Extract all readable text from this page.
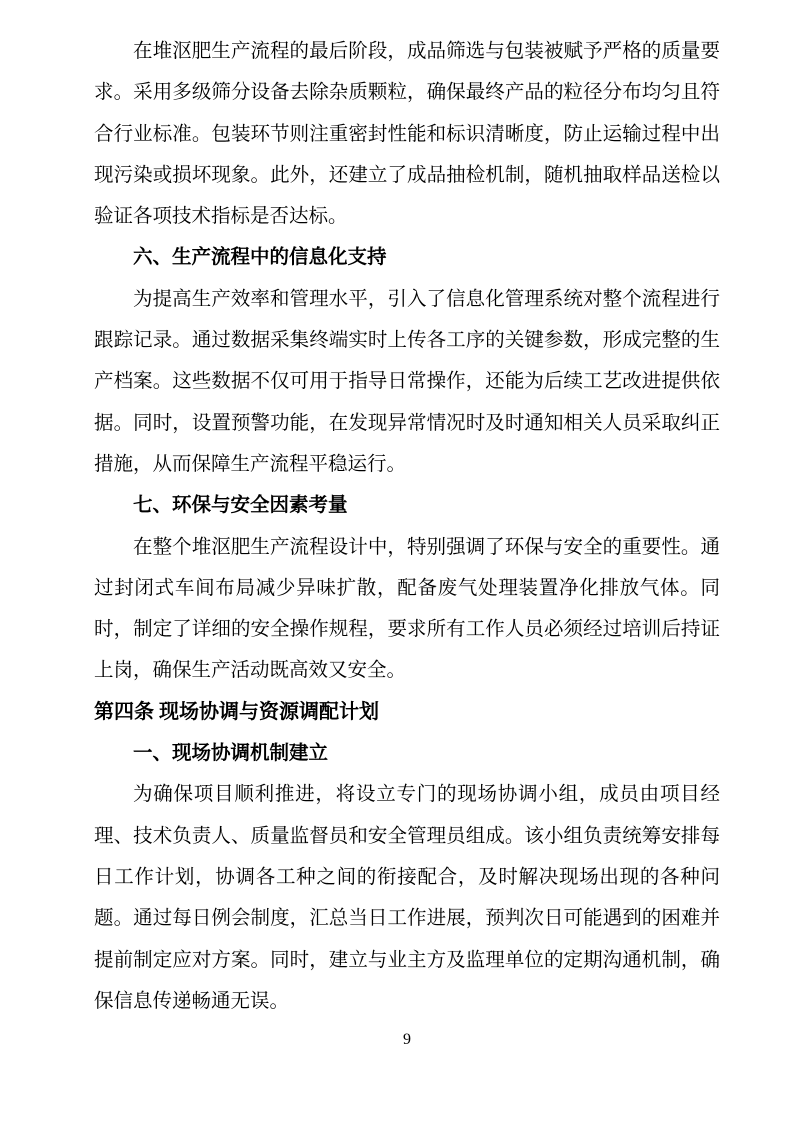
在堆沤肥生产流程的最后阶段，成品筛选与包装被赋予严格的质量要求。采用多级筛分设备去除杂质颗粒，确保最终产品的粒径分布均匀且符合行业标准。包装环节则注重密封性能和标识清晰度，防止运输过程中出现污染或损坏现象。此外，还建立了成品抽检机制，随机抽取样品送检以验证各项技术指标是否达标。

六、生产流程中的信息化支持

为提高生产效率和管理水平，引入了信息化管理系统对整个流程进行跟踪记录。通过数据采集终端实时上传各工序的关键参数，形成完整的生产档案。这些数据不仅可用于指导日常操作，还能为后续工艺改进提供依据。同时，设置预警功能，在发现异常情况时及时通知相关人员采取纠正措施，从而保障生产流程平稳运行。

七、环保与安全因素考量

在整个堆沤肥生产流程设计中，特别强调了环保与安全的重要性。通过封闭式车间布局减少异味扩散，配备废气处理装置净化排放气体。同时，制定了详细的安全操作规程，要求所有工作人员必须经过培训后持证上岗，确保生产活动既高效又安全。

第四条 现场协调与资源调配计划

一、现场协调机制建立

为确保项目顺利推进，将设立专门的现场协调小组，成员由项目经理、技术负责人、质量监督员和安全管理员组成。该小组负责统筹安排每日工作计划，协调各工种之间的衔接配合，及时解决现场出现的各种问题。通过每日例会制度，汇总当日工作进展，预判次日可能遇到的困难并提前制定应对方案。同时，建立与业主方及监理单位的定期沟通机制，确保信息传递畅通无误。

9
